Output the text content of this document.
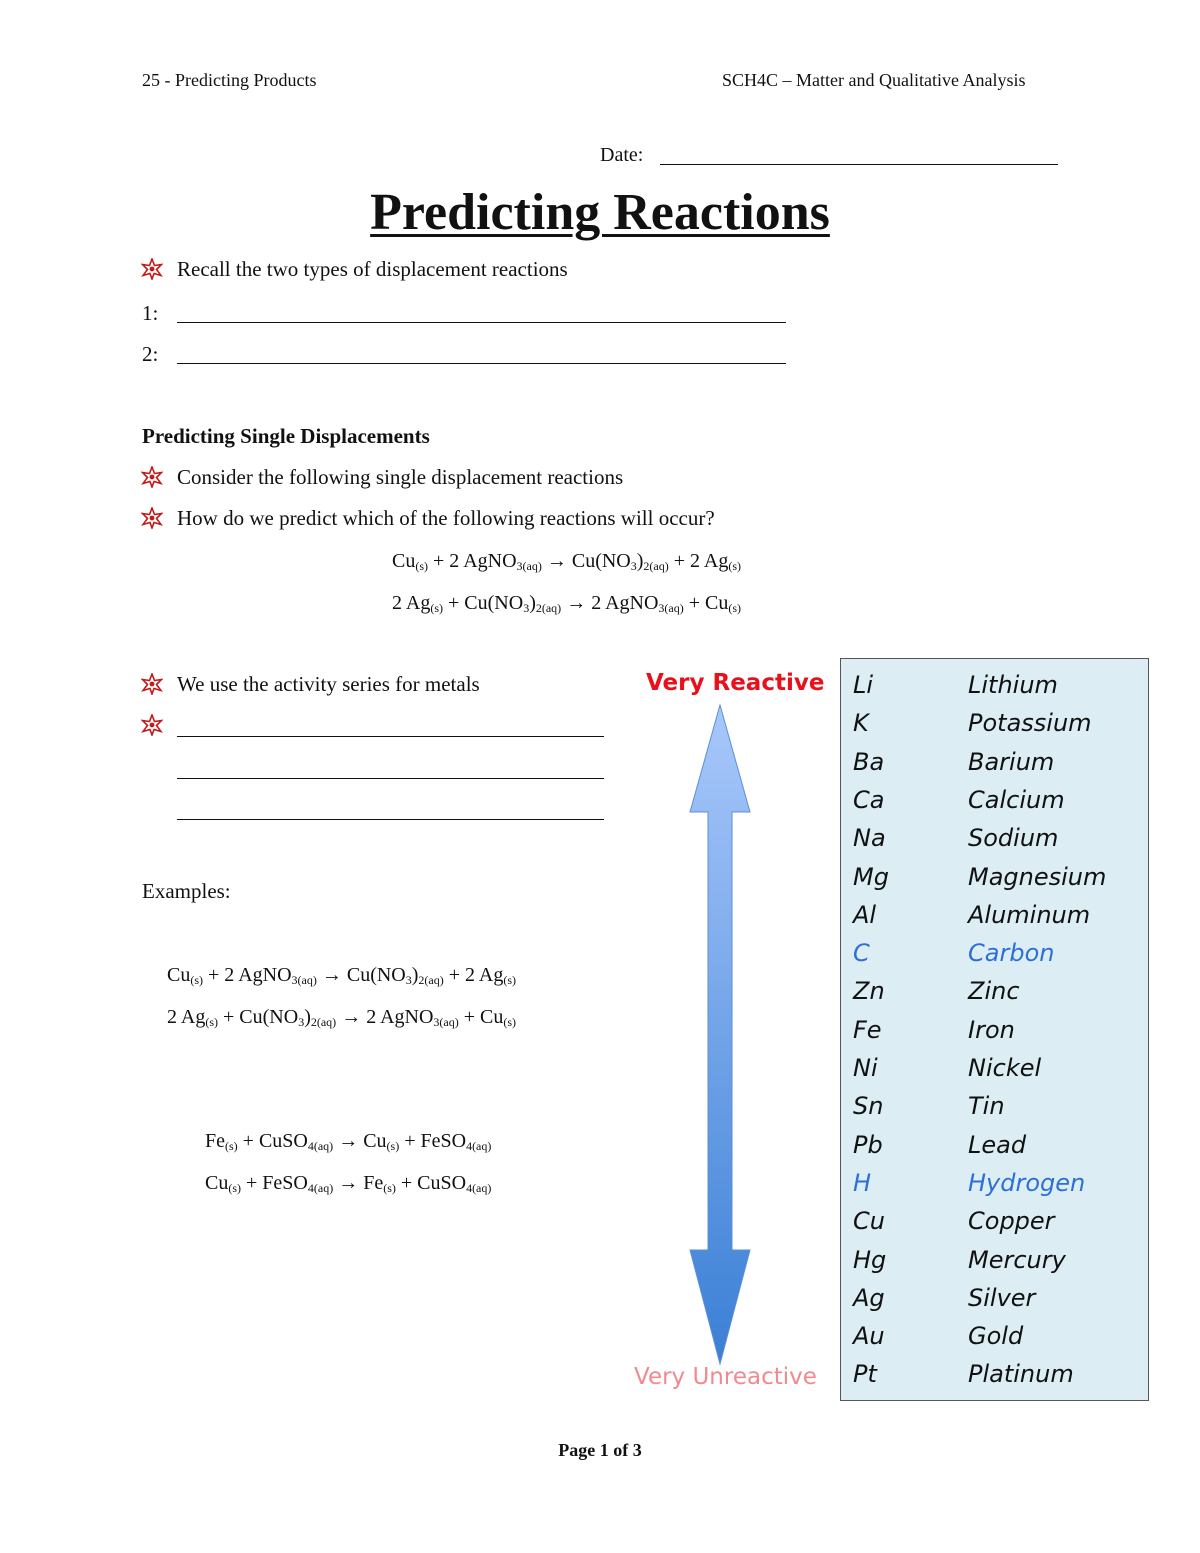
25 - Predicting Products	SCH4C – Matter and Qualitative Analysis
Date:
Predicting Reactions
Recall the two types of displacement reactions
1:
2:
Predicting Single Displacements
Consider the following single displacement reactions
How do we predict which of the following reactions will occur?
$Cu_{(s)} + 2$ AgNO$_{3(aq)}$ → $Cu(NO_3)_{2(aq)} + 2$ $Ag_{(s)}$
2 $Ag_{(s)} + Cu(NO_3)_{2(aq)} \to 2$ AgNO$_{3(aq)}$ + $Cu_{(s)}$
We use the activity series for metals
Examples:
$Cu_{(s)} + 2$ AgNO$_{3(aq)}$ → $Cu(NO_3)_{2(aq)} + 2$ $Ag_{(s)}$
2 $Ag_{(s)} + Cu(NO_3)_{2(aq)} \to 2$ AgNO$_{3(aq)}$ + $Cu_{(s)}$
$Fe_{(s)}$ + CuSO$_{4(aq)}$ → $Cu_{(s)}$ + FeSO$_{4(aq)}$
$Cu_{(s)}$ + FeSO$_{4(aq)}$ → $Fe_{(s)}$ + CuSO$_{4(aq)}$
Very Reactive
Very Unreactive
Li	Lithium
K	Potassium
Ba	Barium
Ca	Calcium
Na	Sodium
Mg	Magnesium
Al	Aluminum
C	Carbon
Zn	Zinc
Fe	Iron
Ni	Nickel
Sn	Tin
Pb	Lead
H	Hydrogen
Cu	Copper
Hg	Mercury
Ag	Silver
Au	Gold
Pt	Platinum
Page 1 of 3
